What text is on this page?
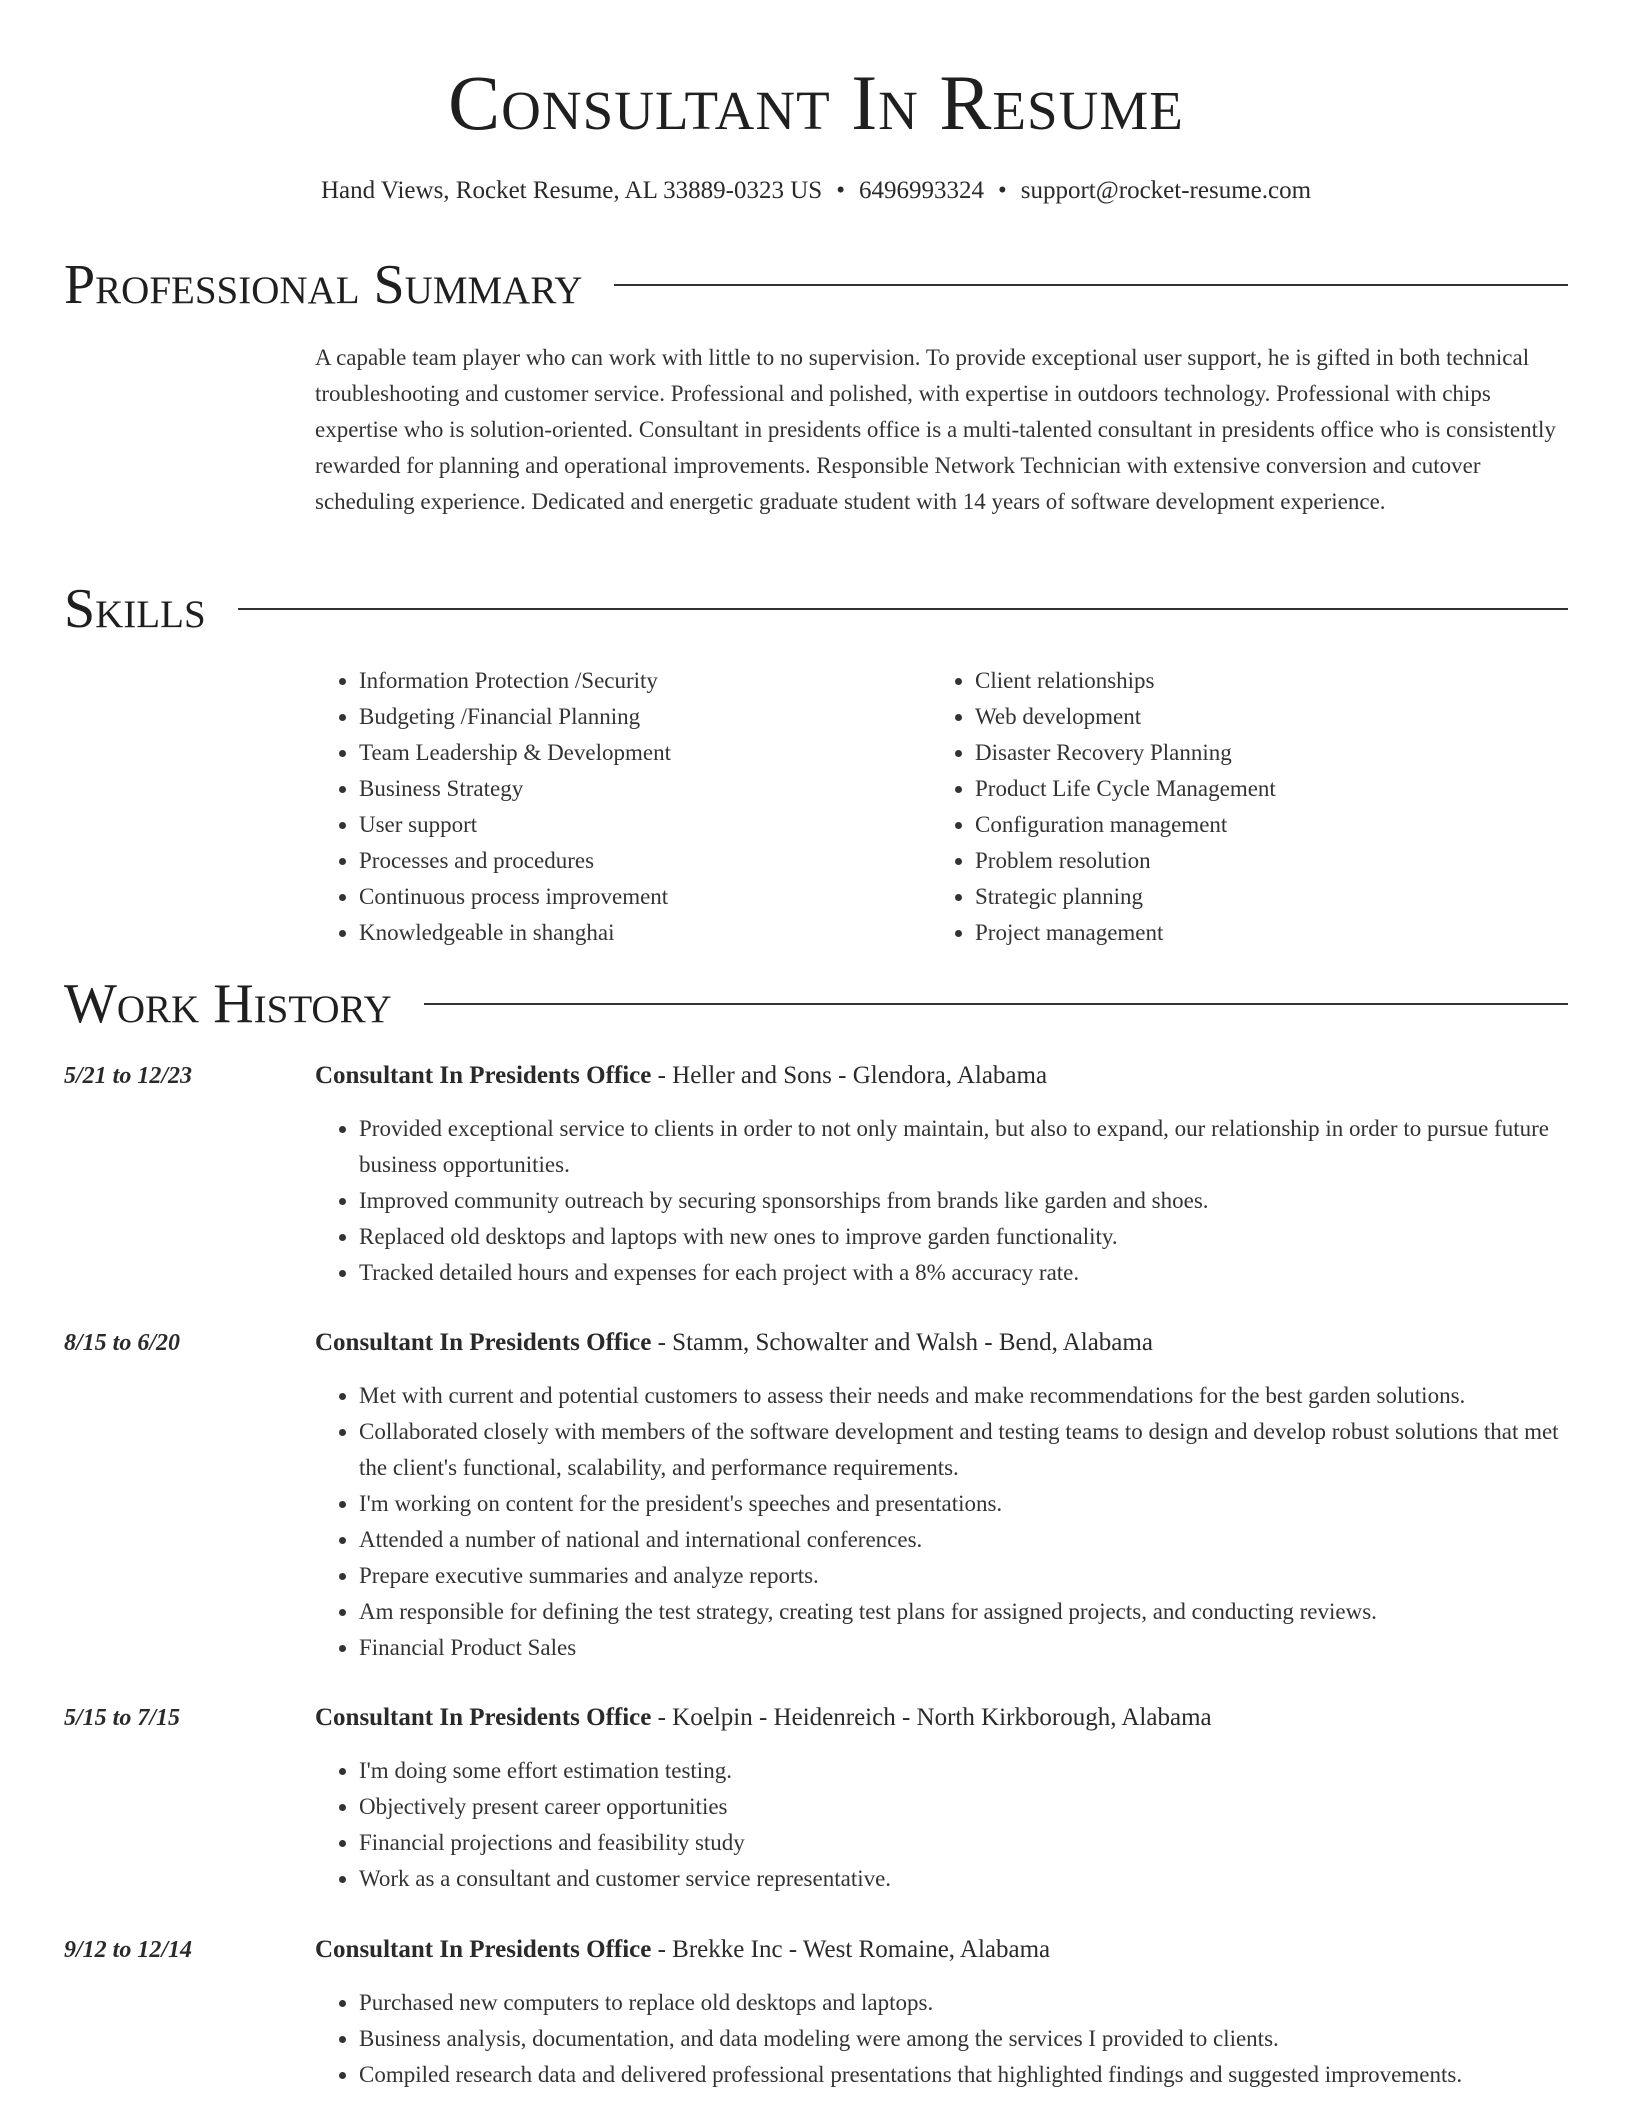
Consultant In Resume
Hand Views, Rocket Resume, AL 33889-0323 US • 6496993324 • support@rocket-resume.com
Professional Summary

A capable team player who can work with little to no supervision. To provide exceptional user support, he is gifted in both technical troubleshooting and customer service. Professional and polished, with expertise in outdoors technology. Professional with chips expertise who is solution-oriented. Consultant in presidents office is a multi-talented consultant in presidents office who is consistently rewarded for planning and operational improvements. Responsible Network Technician with extensive conversion and cutover scheduling experience. Dedicated and energetic graduate student with 14 years of software development experience.

Skills
• Information Protection /Security
• Budgeting /Financial Planning
• Team Leadership & Development
• Business Strategy
• User support
• Processes and procedures
• Continuous process improvement
• Knowledgeable in shanghai
• Client relationships
• Web development
• Disaster Recovery Planning
• Product Life Cycle Management
• Configuration management
• Problem resolution
• Strategic planning
• Project management
Work History
5/21 to 12/23	Consultant In Presidents Office - Heller and Sons - Glendora, Alabama
• Provided exceptional service to clients in order to not only maintain, but also to expand, our relationship in order to pursue future business opportunities.
• Improved community outreach by securing sponsorships from brands like garden and shoes.
• Replaced old desktops and laptops with new ones to improve garden functionality.
• Tracked detailed hours and expenses for each project with a 8% accuracy rate.
8/15 to 6/20	Consultant In Presidents Office - Stamm, Schowalter and Walsh - Bend, Alabama
• Met with current and potential customers to assess their needs and make recommendations for the best garden solutions.
• Collaborated closely with members of the software development and testing teams to design and develop robust solutions that met the client's functional, scalability, and performance requirements.
• I'm working on content for the president's speeches and presentations.
• Attended a number of national and international conferences.
• Prepare executive summaries and analyze reports.
• Am responsible for defining the test strategy, creating test plans for assigned projects, and conducting reviews.
• Financial Product Sales
5/15 to 7/15	Consultant In Presidents Office - Koelpin - Heidenreich - North Kirkborough, Alabama
• I'm doing some effort estimation testing.
• Objectively present career opportunities
• Financial projections and feasibility study
• Work as a consultant and customer service representative.
9/12 to 12/14	Consultant In Presidents Office - Brekke Inc - West Romaine, Alabama
• Purchased new computers to replace old desktops and laptops.
• Business analysis, documentation, and data modeling were among the services I provided to clients.
• Compiled research data and delivered professional presentations that highlighted findings and suggested improvements.
